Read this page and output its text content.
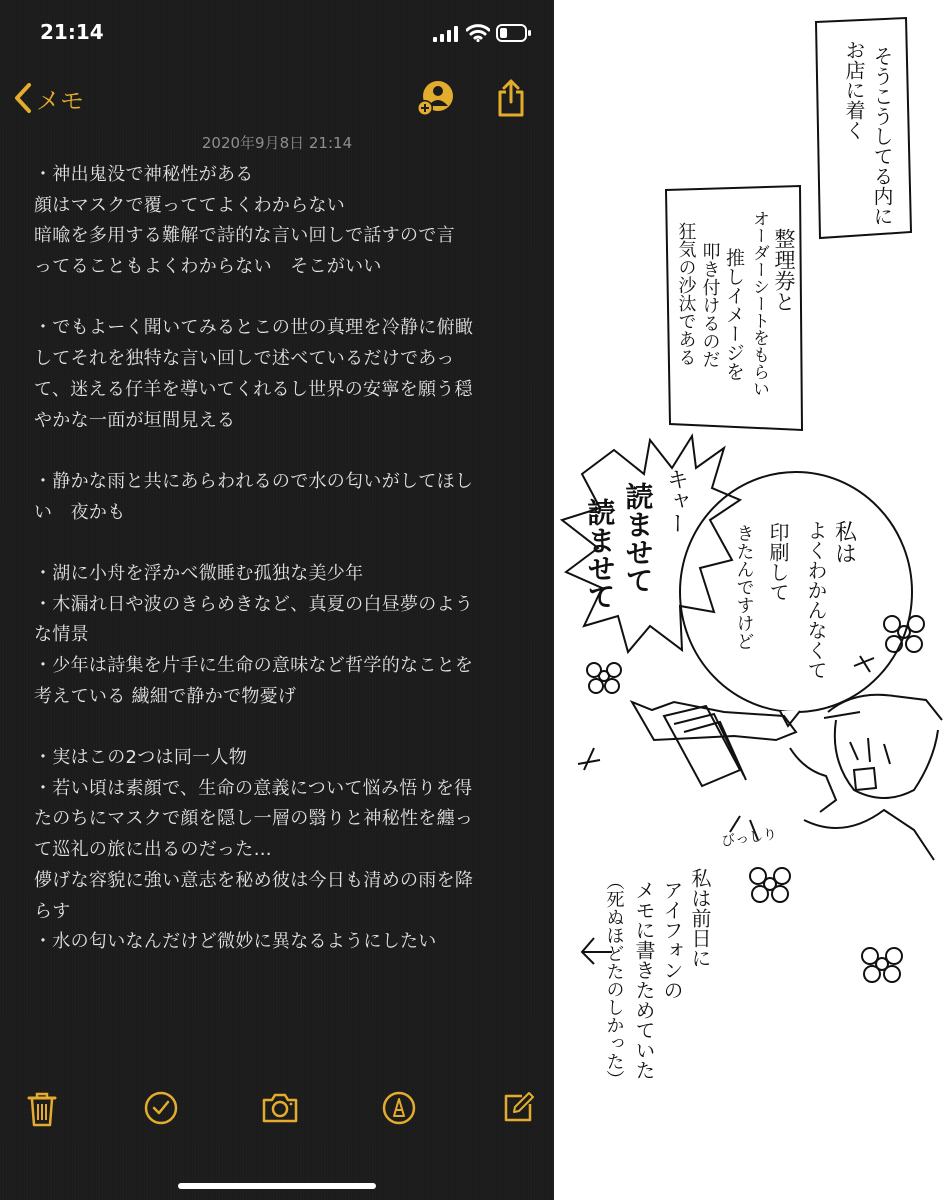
21:14
メモ
2020年9月8日 21:14
・神出鬼没で神秘性がある
顔はマスクで覆っててよくわからない
暗喩を多用する難解で詩的な言い回しで話すので言
ってることもよくわからない　そこがいい
・でもよーく聞いてみるとこの世の真理を冷静に俯瞰
してそれを独特な言い回しで述べているだけであっ
て、迷える仔羊を導いてくれるし世界の安寧を願う穏
やかな一面が垣間見える
・静かな雨と共にあらわれるので水の匂いがしてほし
い　夜かも
・湖に小舟を浮かべ微睡む孤独な美少年
・木漏れ日や波のきらめきなど、真夏の白昼夢のよう
な情景
・少年は詩集を片手に生命の意味など哲学的なことを
考えている 繊細で静かで物憂げ
・実はこの2つは同一人物
・若い頃は素顔で、生命の意義について悩み悟りを得
たのちにマスクで顔を隠し一層の翳りと神秘性を纏っ
て巡礼の旅に出るのだった…
儚げな容貌に強い意志を秘め彼は今日も清めの雨を降
らす
・水の匂いなんだけど微妙に異なるようにしたい
そうこうしてる内に
お店に着く
整理券と
オーダーシートをもらい
推しイメージを
叩き付けるのだ
狂気の沙汰である
キャー
読ませて
読ませて	私は
よくわかんなくて
印刷して
きたんですけど
びっしり
私は前日に
アイフォンの
メモに書きためていた
（死ぬほどたのしかった）
